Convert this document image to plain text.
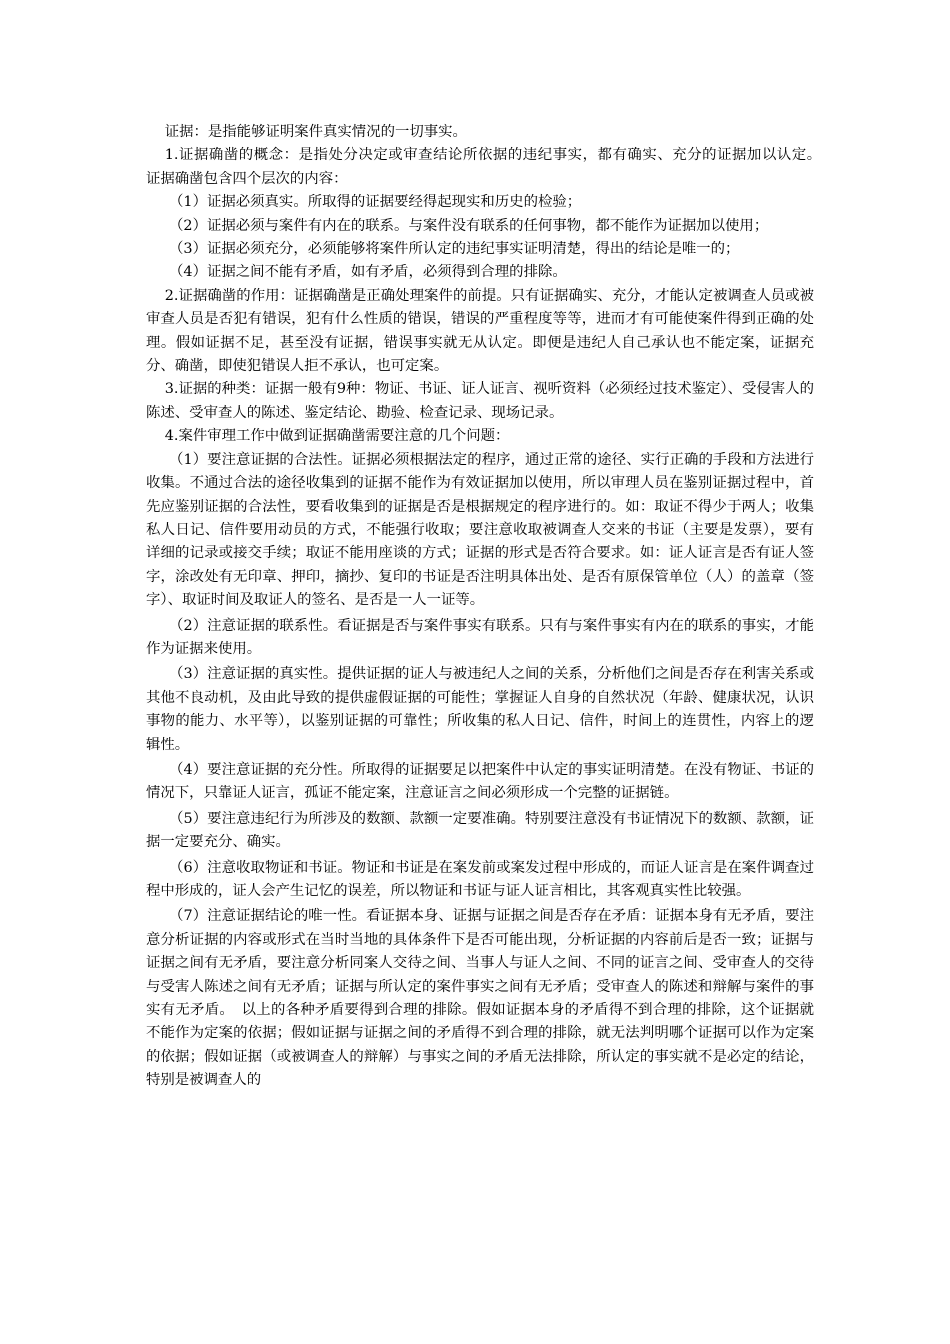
证据：是指能够证明案件真实情况的一切事实。

1.证据确凿的概念：是指处分决定或审查结论所依据的违纪事实，都有确实、充分的证据加以认定。　证据确凿包含四个层次的内容：

（1）证据必须真实。所取得的证据要经得起现实和历史的检验；

（2）证据必须与案件有内在的联系。与案件没有联系的任何事物，都不能作为证据加以使用；

（3）证据必须充分，必须能够将案件所认定的违纪事实证明清楚，得出的结论是唯一的；

（4）证据之间不能有矛盾，如有矛盾，必须得到合理的排除。

2.证据确凿的作用：证据确凿是正确处理案件的前提。只有证据确实、充分，才能认定被调查人员或被审查人员是否犯有错误，犯有什么性质的错误，错误的严重程度等等，进而才有可能使案件得到正确的处理。假如证据不足，甚至没有证据，错误事实就无从认定。即便是违纪人自己承认也不能定案，证据充分、确凿，即使犯错误人拒不承认，也可定案。

3.证据的种类：证据一般有9种：物证、书证、证人证言、视听资料（必须经过技术鉴定）、受侵害人的陈述、受审查人的陈述、鉴定结论、勘验、检查记录、现场记录。

4.案件审理工作中做到证据确凿需要注意的几个问题：

（1）要注意证据的合法性。证据必须根据法定的程序，通过正常的途径、实行正确的手段和方法进行收集。不通过合法的途径收集到的证据不能作为有效证据加以使用，所以审理人员在鉴别证据过程中，首先应鉴别证据的合法性，要看收集到的证据是否是根据规定的程序进行的。如：取证不得少于两人；收集私人日记、信件要用动员的方式，不能强行收取；要注意收取被调查人交来的书证（主要是发票），要有详细的记录或接交手续；取证不能用座谈的方式；证据的形式是否符合要求。如：证人证言是否有证人签字，涂改处有无印章、押印，摘抄、复印的书证是否注明具体出处、是否有原保管单位（人）的盖章（签字）、取证时间及取证人的签名、是否是一人一证等。

（2）注意证据的联系性。看证据是否与案件事实有联系。只有与案件事实有内在的联系的事实，才能作为证据来使用。

（3）注意证据的真实性。提供证据的证人与被违纪人之间的关系，分析他们之间是否存在利害关系或其他不良动机，及由此导致的提供虚假证据的可能性；掌握证人自身的自然状况（年龄、健康状况，认识事物的能力、水平等），以鉴别证据的可靠性；所收集的私人日记、信件，时间上的连贯性，内容上的逻辑性。

（4）要注意证据的充分性。所取得的证据要足以把案件中认定的事实证明清楚。在没有物证、书证的情况下，只靠证人证言，孤证不能定案，注意证言之间必须形成一个完整的证据链。

（5）要注意违纪行为所涉及的数额、款额一定要准确。特别要注意没有书证情况下的数额、款额，证据一定要充分、确实。

（6）注意收取物证和书证。物证和书证是在案发前或案发过程中形成的，而证人证言是在案件调查过程中形成的，证人会产生记忆的误差，所以物证和书证与证人证言相比，其客观真实性比较强。

（7）注意证据结论的唯一性。看证据本身、证据与证据之间是否存在矛盾：证据本身有无矛盾，要注意分析证据的内容或形式在当时当地的具体条件下是否可能出现，分析证据的内容前后是否一致；证据与证据之间有无矛盾，要注意分析同案人交待之间、当事人与证人之间、不同的证言之间、受审查人的交待与受害人陈述之间有无矛盾；证据与所认定的案件事实之间有无矛盾；受审查人的陈述和辩解与案件的事实有无矛盾。　以上的各种矛盾要得到合理的排除。假如证据本身的矛盾得不到合理的排除，这个证据就不能作为定案的依据；假如证据与证据之间的矛盾得不到合理的排除，就无法判明哪个证据可以作为定案的依据；假如证据（或被调查人的辩解）与事实之间的矛盾无法排除，所认定的事实就不是必定的结论，特别是被调查人的
